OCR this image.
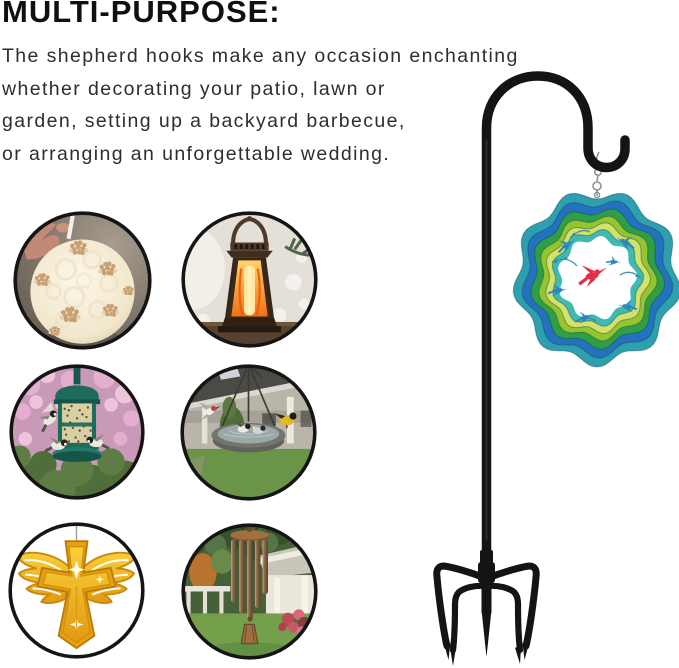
MULTI-PURPOSE:

The shepherd hooks make any occasion enchanting
whether decorating your patio, lawn or
garden, setting up a backyard barbecue,
or arranging an unforgettable wedding.
